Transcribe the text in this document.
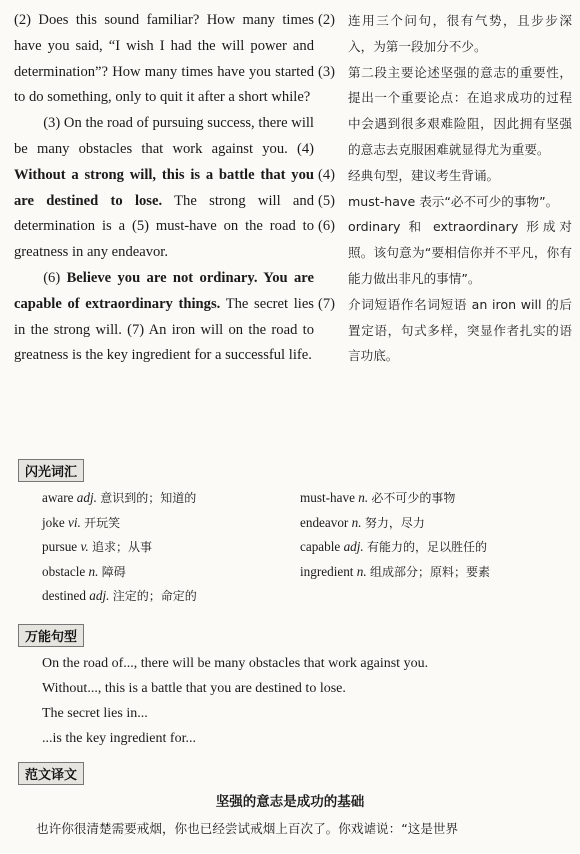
(2) Does this sound familiar? How many times have you said, “I wish I had the will power and determination”? How many times have you started to do something, only to quit it after a short while?

(3) On the road of pursuing success, there will be many obstacles that work against you. (4) Without a strong will, this is a battle that you are destined to lose. The strong will and determination is a (5) must-have on the road to greatness in any endeavor.

(6) Believe you are not ordinary. You are capable of extraordinary things. The secret lies in the strong will. (7) An iron will on the road to greatness is the key ingredient for a successful life.

(2)	连用三个问句，很有气势，且步步深入，为第一段加分不少。
(3)	第二段主要论述坚强的意志的重要性，提出一个重要论点：在追求成功的过程中会遇到很多艰难险阻，因此拥有坚强的意志去克服困难就显得尤为重要。
(4)	经典句型，建议考生背诵。
(5)	must-have 表示“必不可少的事物”。
(6)	ordinary 和 extraordinary 形成对照。该句意为“要相信你并不平凡，你有能力做出非凡的事情”。
(7)	介词短语作名词短语 an iron will 的后置定语，句式多样，突显作者扎实的语言功底。
闪光词汇
aware adj. 意识到的；知道的
joke vi. 开玩笑
pursue v. 追求；从事
obstacle n. 障碍
destined adj. 注定的；命定的
must-have n. 必不可少的事物
endeavor n. 努力，尽力
capable adj. 有能力的，足以胜任的
ingredient n. 组成部分；原料；要素
万能句型
On the road of..., there will be many obstacles that work against you.
Without..., this is a battle that you are destined to lose.
The secret lies in...
...is the key ingredient for...
范文译文
坚强的意志是成功的基础
也许你很清楚需要戒烟，你也已经尝试戒烟上百次了。你戏谑说：“这是世界
